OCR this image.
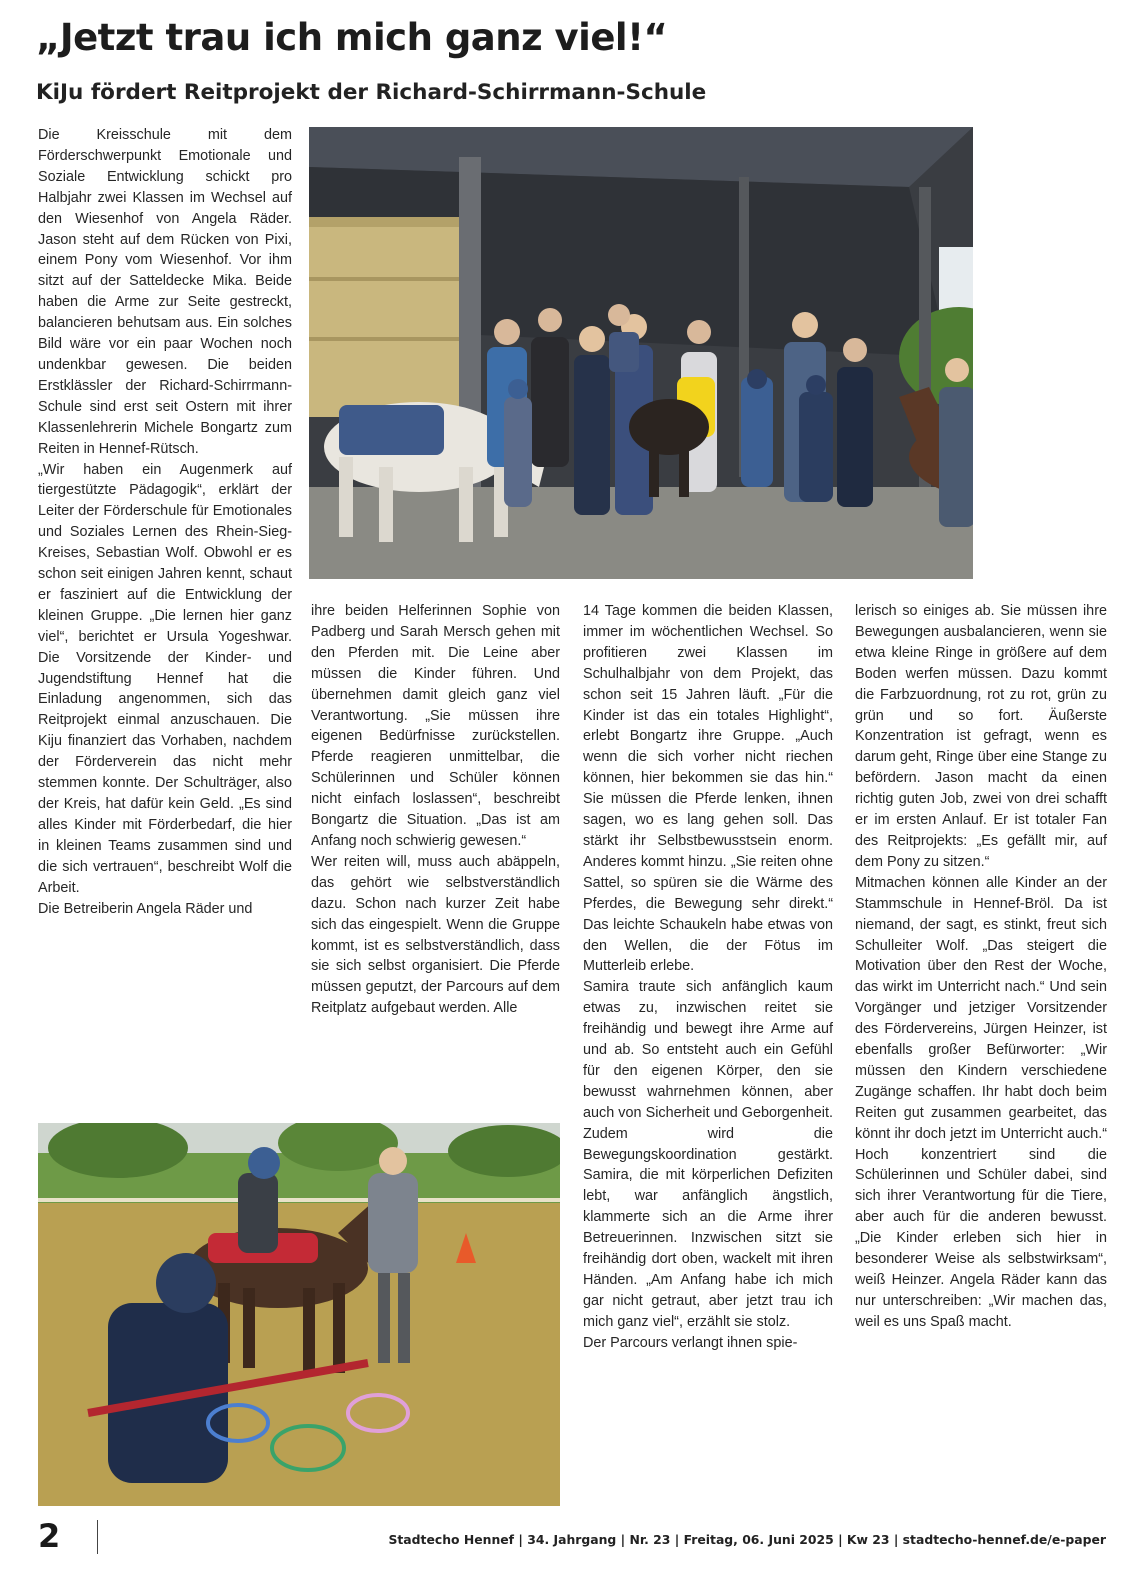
„Jetzt trau ich mich ganz viel!“
KiJu fördert Reitprojekt der Richard-Schirrmann-Schule

Die Kreisschule mit dem Förderschwerpunkt Emotionale und Soziale Entwicklung schickt pro Halbjahr zwei Klassen im Wechsel auf den Wiesenhof von Angela Räder. Jason steht auf dem Rücken von Pixi, einem Pony vom Wiesenhof. Vor ihm sitzt auf der Satteldecke Mika. Beide haben die Arme zur Seite gestreckt, balancieren behutsam aus. Ein solches Bild wäre vor ein paar Wochen noch undenkbar gewesen. Die beiden Erstklässler der Richard-Schirrmann-Schule sind erst seit Ostern mit ihrer Klassenlehrerin Michele Bongartz zum Reiten in Hennef-Rütsch.

„Wir haben ein Augenmerk auf tiergestützte Pädagogik“, erklärt der Leiter der Förderschule für Emotionales und Soziales Lernen des Rhein-Sieg-Kreises, Sebastian Wolf. Obwohl er es schon seit einigen Jahren kennt, schaut er fasziniert auf die Entwicklung der kleinen Gruppe. „Die lernen hier ganz viel“, berichtet er Ursula Yogeshwar. Die Vorsitzende der Kinder- und Jugendstiftung Hennef hat die Einladung angenommen, sich das Reitprojekt einmal anzuschauen. Die Kiju finanziert das Vorhaben, nachdem der Förderverein das nicht mehr stemmen konnte. Der Schulträger, also der Kreis, hat dafür kein Geld. „Es sind alles Kinder mit Förderbedarf, die hier in kleinen Teams zusammen sind und die sich vertrauen“, beschreibt Wolf die Arbeit.

Die Betreiberin Angela Räder und

ihre beiden Helferinnen Sophie von Padberg und Sarah Mersch gehen mit den Pferden mit. Die Leine aber müssen die Kinder führen. Und übernehmen damit gleich ganz viel Verantwortung. „Sie müssen ihre eigenen Bedürfnisse zurückstellen. Pferde reagieren unmittelbar, die Schülerinnen und Schüler können nicht einfach loslassen“, beschreibt Bongartz die Situation. „Das ist am Anfang noch schwierig gewesen.“

Wer reiten will, muss auch abäppeln, das gehört wie selbstverständlich dazu. Schon nach kurzer Zeit habe sich das eingespielt. Wenn die Gruppe kommt, ist es selbstverständlich, dass sie sich selbst organisiert. Die Pferde müssen geputzt, der Parcours auf dem Reitplatz aufgebaut werden. Alle

14 Tage kommen die beiden Klassen, immer im wöchentlichen Wechsel. So profitieren zwei Klassen im Schulhalbjahr von dem Projekt, das schon seit 15 Jahren läuft. „Für die Kinder ist das ein totales Highlight“, erlebt Bongartz ihre Gruppe. „Auch wenn die sich vorher nicht riechen können, hier bekommen sie das hin.“ Sie müssen die Pferde lenken, ihnen sagen, wo es lang gehen soll. Das stärkt ihr Selbstbewusstsein enorm. Anderes kommt hinzu. „Sie reiten ohne Sattel, so spüren sie die Wärme des Pferdes, die Bewegung sehr direkt.“ Das leichte Schaukeln habe etwas von den Wellen, die der Fötus im Mutterleib erlebe.

Samira traute sich anfänglich kaum etwas zu, inzwischen reitet sie freihändig und bewegt ihre Arme auf und ab. So entsteht auch ein Gefühl für den eigenen Körper, den sie bewusst wahrnehmen können, aber auch von Sicherheit und Geborgenheit. Zudem wird die Bewegungskoordination gestärkt. Samira, die mit körperlichen Defiziten lebt, war anfänglich ängstlich, klammerte sich an die Arme ihrer Betreuerinnen. Inzwischen sitzt sie freihändig dort oben, wackelt mit ihren Händen. „Am Anfang habe ich mich gar nicht getraut, aber jetzt trau ich mich ganz viel“, erzählt sie stolz.

Der Parcours verlangt ihnen spie-

lerisch so einiges ab. Sie müssen ihre Bewegungen ausbalancieren, wenn sie etwa kleine Ringe in größere auf dem Boden werfen müssen. Dazu kommt die Farbzuordnung, rot zu rot, grün zu grün und so fort. Äußerste Konzentration ist gefragt, wenn es darum geht, Ringe über eine Stange zu befördern. Jason macht da einen richtig guten Job, zwei von drei schafft er im ersten Anlauf. Er ist totaler Fan des Reitprojekts: „Es gefällt mir, auf dem Pony zu sitzen.“

Mitmachen können alle Kinder an der Stammschule in Hennef-Bröl. Da ist niemand, der sagt, es stinkt, freut sich Schulleiter Wolf. „Das steigert die Motivation über den Rest der Woche, das wirkt im Unterricht nach.“ Und sein Vorgänger und jetziger Vorsitzender des Fördervereins, Jürgen Heinzer, ist ebenfalls großer Befürworter: „Wir müssen den Kindern verschiedene Zugänge schaffen. Ihr habt doch beim Reiten gut zusammen gearbeitet, das könnt ihr doch jetzt im Unterricht auch.“ Hoch konzentriert sind die Schülerinnen und Schüler dabei, sind sich ihrer Verantwortung für die Tiere, aber auch für die anderen bewusst. „Die Kinder erleben sich hier in besonderer Weise als selbstwirksam“, weiß Heinzer. Angela Räder kann das nur unterschreiben: „Wir machen das, weil es uns Spaß macht.

2	Stadtecho Hennef | 34. Jahrgang | Nr. 23 | Freitag, 06. Juni 2025 | Kw 23 | stadtecho-hennef.de/e-paper
